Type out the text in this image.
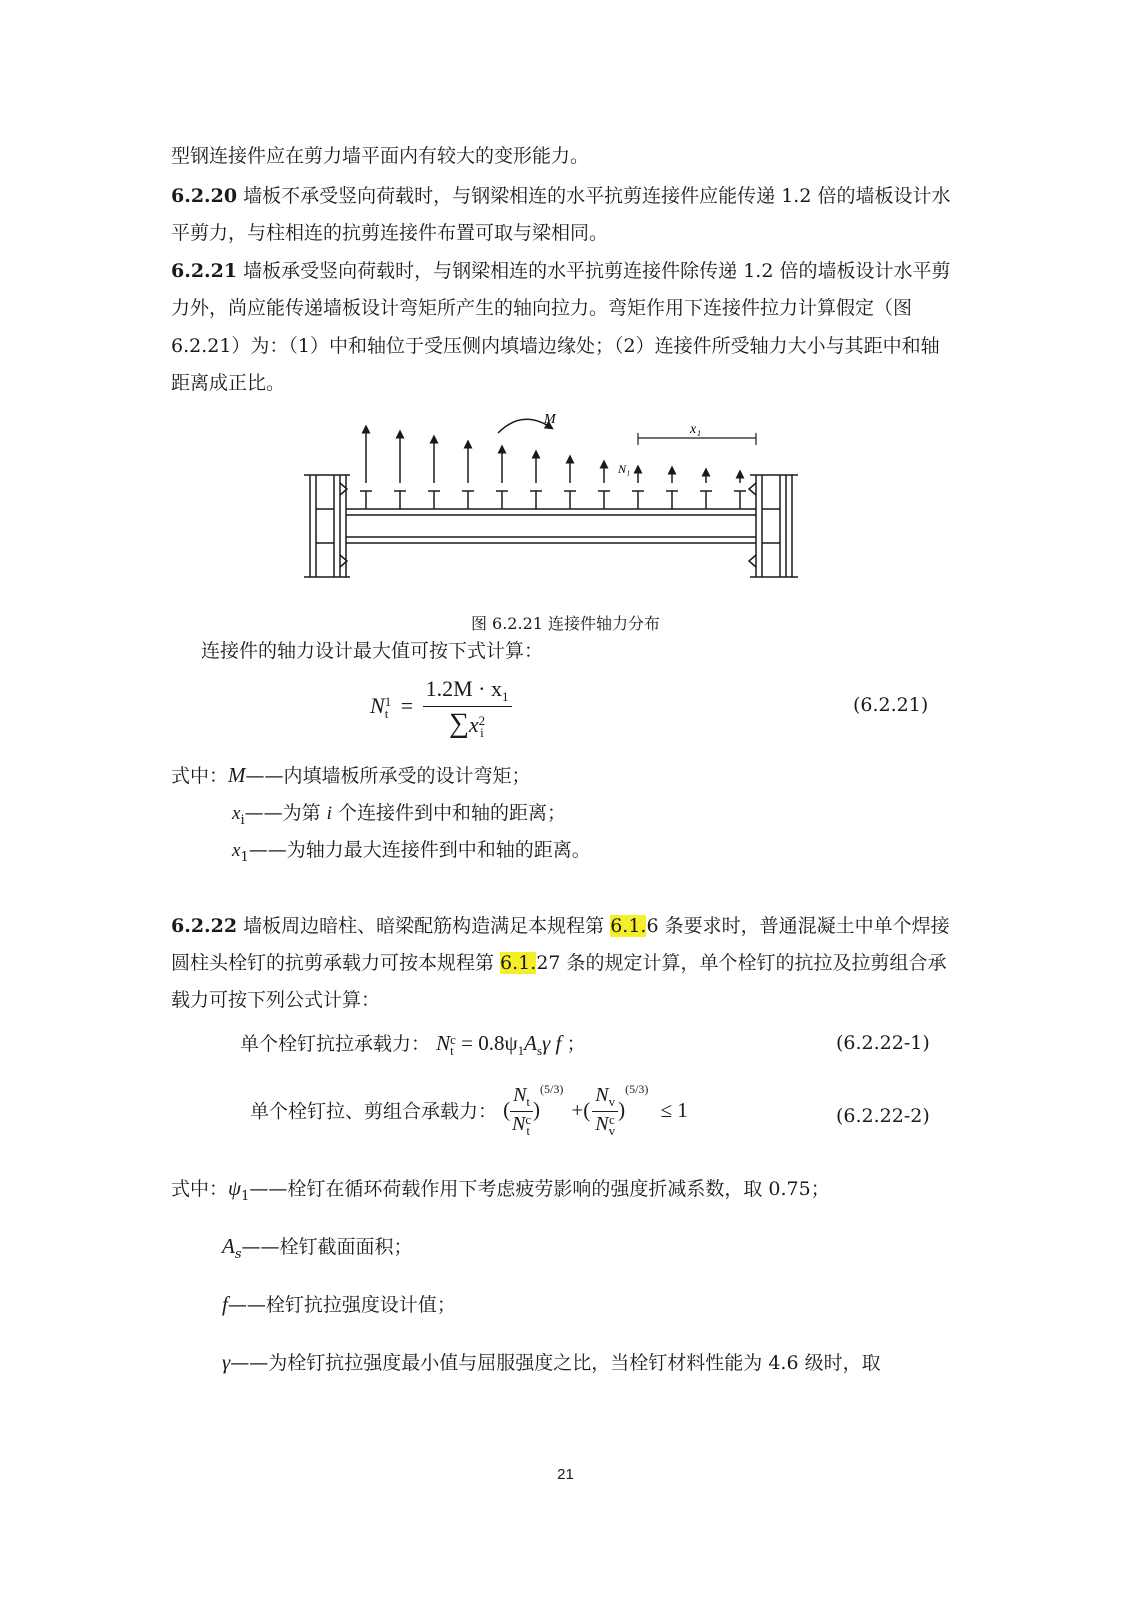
型钢连接件应在剪力墙平面内有较大的变形能力。
6.2.20 墙板不承受竖向荷载时，与钢梁相连的水平抗剪连接件应能传递 1.2 倍的墙板设计水
平剪力，与柱相连的抗剪连接件布置可取与梁相同。
6.2.21 墙板承受竖向荷载时，与钢梁相连的水平抗剪连接件除传递 1.2 倍的墙板设计水平剪
力外，尚应能传递墙板设计弯矩所产生的轴向拉力。弯矩作用下连接件拉力计算假定（图
6.2.21）为：（1）中和轴位于受压侧内填墙边缘处；（2）连接件所受轴力大小与其距中和轴
距离成正比。
M
x₁
N₁
图 6.2.21 连接件轴力分布
连接件的轴力设计最大值可按下式计算：
N 1
$t = 1.2M \cdot x_1$
∑x 2
i	(6.2.21)
式中：M——内填墙板所承受的设计弯矩；
$x_i——$为第 i 个连接件到中和轴的距离；
$x_1——$为轴力最大连接件到中和轴的距离。
6.2.22 墙板周边暗柱、暗梁配筋构造满足本规程第 6.1.6 条要求时，普通混凝土中单个焊接
圆柱头栓钉的抗剪承载力可按本规程第 6.1.27 条的规定计算，单个栓钉的抗拉及拉剪组合承
载力可按下列公式计算：
单个栓钉抗拉承载力： N c
$t = 0.8\psi_1A_s\gamma$ f ；	(6.2.22-1)
单个栓钉拉、剪组合承载力： ( $N_t$
N c
t )$^{(5/3)}$ +( $N_v$
N c
v )$^{(5/3)}$ ≤ 1	(6.2.22-2)
式中：$\psi_1——$栓钉在循环荷载作用下考虑疲劳影响的强度折减系数，取 0.75；
$A_s——$栓钉截面面积；
f——栓钉抗拉强度设计值；
γ——为栓钉抗拉强度最小值与屈服强度之比，当栓钉材料性能为 4.6 级时，取
21
